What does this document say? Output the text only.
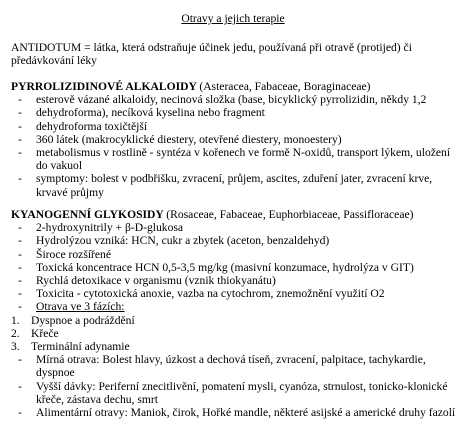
Otravy a jejich terapie
ANTIDOTUM = látka, která odstraňuje účinek jedu, používaná při otravě (protijed) či předávkování léky
PYRROLIZIDINOVÉ ALKALOIDY (Asteracea, Fabaceae, Boraginaceae)
- esterově vázané alkaloidy, necinová složka (base, bicyklický pyrrolizidin, někdy 1,2
- dehydroforma), necíková kyselina nebo fragment
- dehydroforma toxičtější
- 360 látek (makrocyklické diestery, otevřené diestery, monoestery)
- metabolismus v rostlině - syntéza v kořenech ve formě N-oxidů, transport lýkem, uložení do vakuol
- symptomy: bolest v podbřišku, zvracení, průjem, ascites, zduření jater, zvracení krve, krvavé průjmy
KYANOGENNÍ GLYKOSIDY (Rosaceae, Fabaceae, Euphorbiaceae, Passifloraceae)
- 2-hydroxynitrily + β-D-glukosa
- Hydrolýzou vzniká: HCN, cukr a zbytek (aceton, benzaldehyd)
- Široce rozšířené
- Toxická koncentrace HCN 0,5-3,5 mg/kg (masivní konzumace, hydrolýza v GIT)
- Rychlá detoxikace v organismu (vznik thiokyanátu)
- Toxicita - cytotoxická anoxie, vazba na cytochrom, znemožnění využití O2
- Otrava ve 3 fázích:
1. Dyspnoe a podráždění
2. Křeče
3. Terminální adynamie
- Mírná otrava: Bolest hlavy, úzkost a dechová tíseň, zvracení, palpitace, tachykardie, dyspnoe
- Vyšší dávky: Periferní znecitlivění, pomatení mysli, cyanóza, strnulost, tonicko-klonické křeče, zástava dechu, smrt
- Alimentární otravy: Maniok, čirok, Hořké mandle, některé asijské a americké druhy fazolí
